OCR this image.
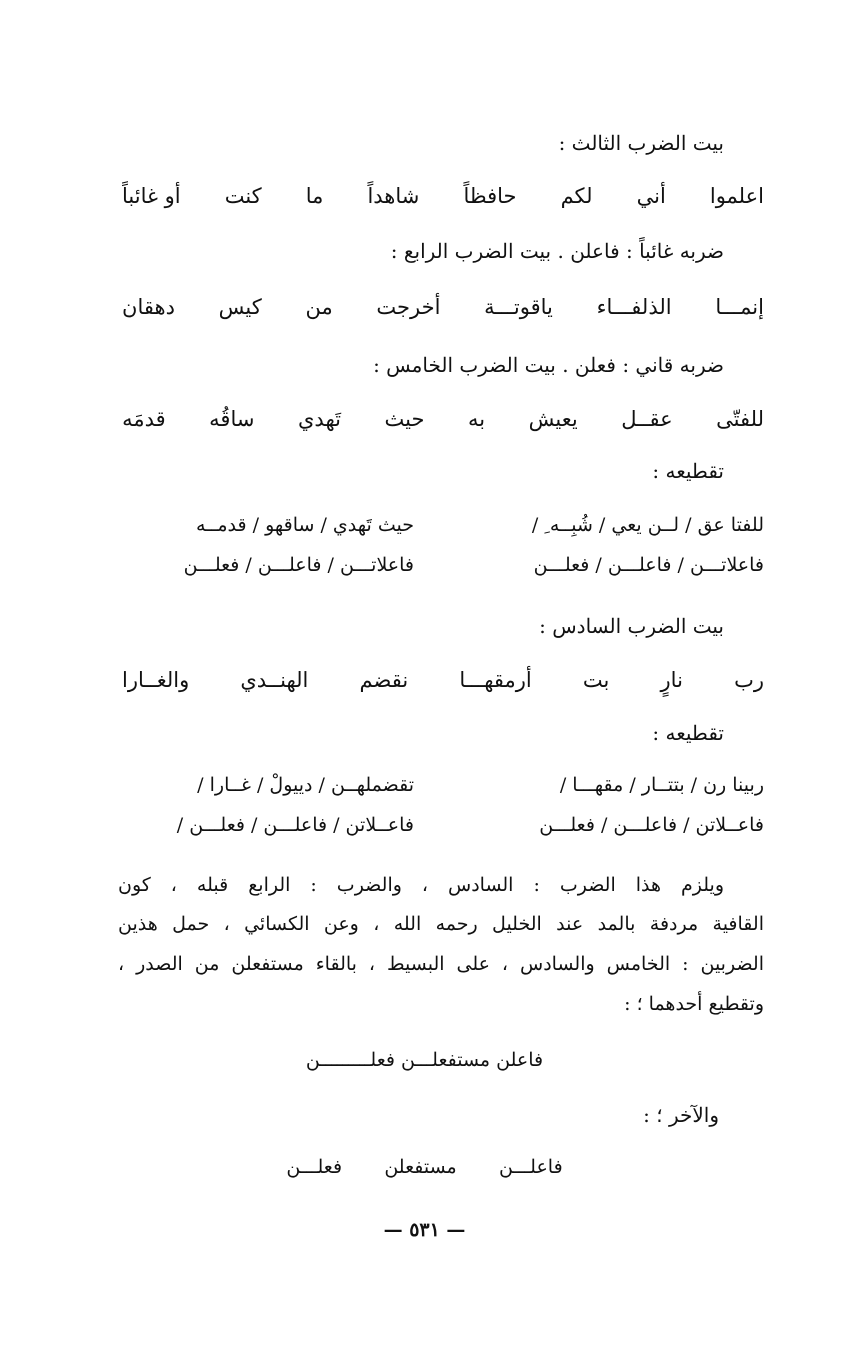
بيت الضرب الثالث :
اعلموا
أني
لكم
حافظاً
شاهداً
ما
كنت
أو غائباً
ضربه غائباً : فاعلن . بيت الضرب الرابع :
إنمـــا
الذلفـــاء
ياقوتـــة
أخرجت
من
كيس
دهقان
ضربه قاني : فعلن . بيت الضرب الخامس :
للفتّى
عقــل
يعيش
به
حيث
تَهدي
ساقُه
قدمَه
تقطيعه :
للفتا عق / لــن يعي / شُبِــه ِ /
حيث تَهدي / ساقهو / قدمــه
فاعلاتـــن / فاعلـــن / فعلـــن
فاعلاتـــن / فاعلـــن / فعلـــن
بيت الضرب السادس :
رب
نارٍ
بت
أرمقهـــا
نقضم
الهنــدي
والغــارا
تقطيعه :
ربينا رن / بتتــار / مقهـــا /
تقضملهــن / دييولْ / غــارا /
فاعــلاتن / فاعلـــن / فعلـــن
فاعــلاتن / فاعلـــن / فعلـــن /
ويلزم هذا الضرب : السادس ، والضرب : الرابع قبله ، كون
القافية مردفة بالمد عند الخليل رحمه الله ، وعن الكسائي ، حمل هذين
الضربين : الخامس والسادس ، على البسيط ، بالقاء مستفعلن من الصدر ،
وتقطيع أحدهما ؛ :
فاعلن مستفعلـــن فعلـــــــــن
والآخر ؛ :
فاعلـــن       مستفعلن       فعلـــن
— ٥٣١ —
